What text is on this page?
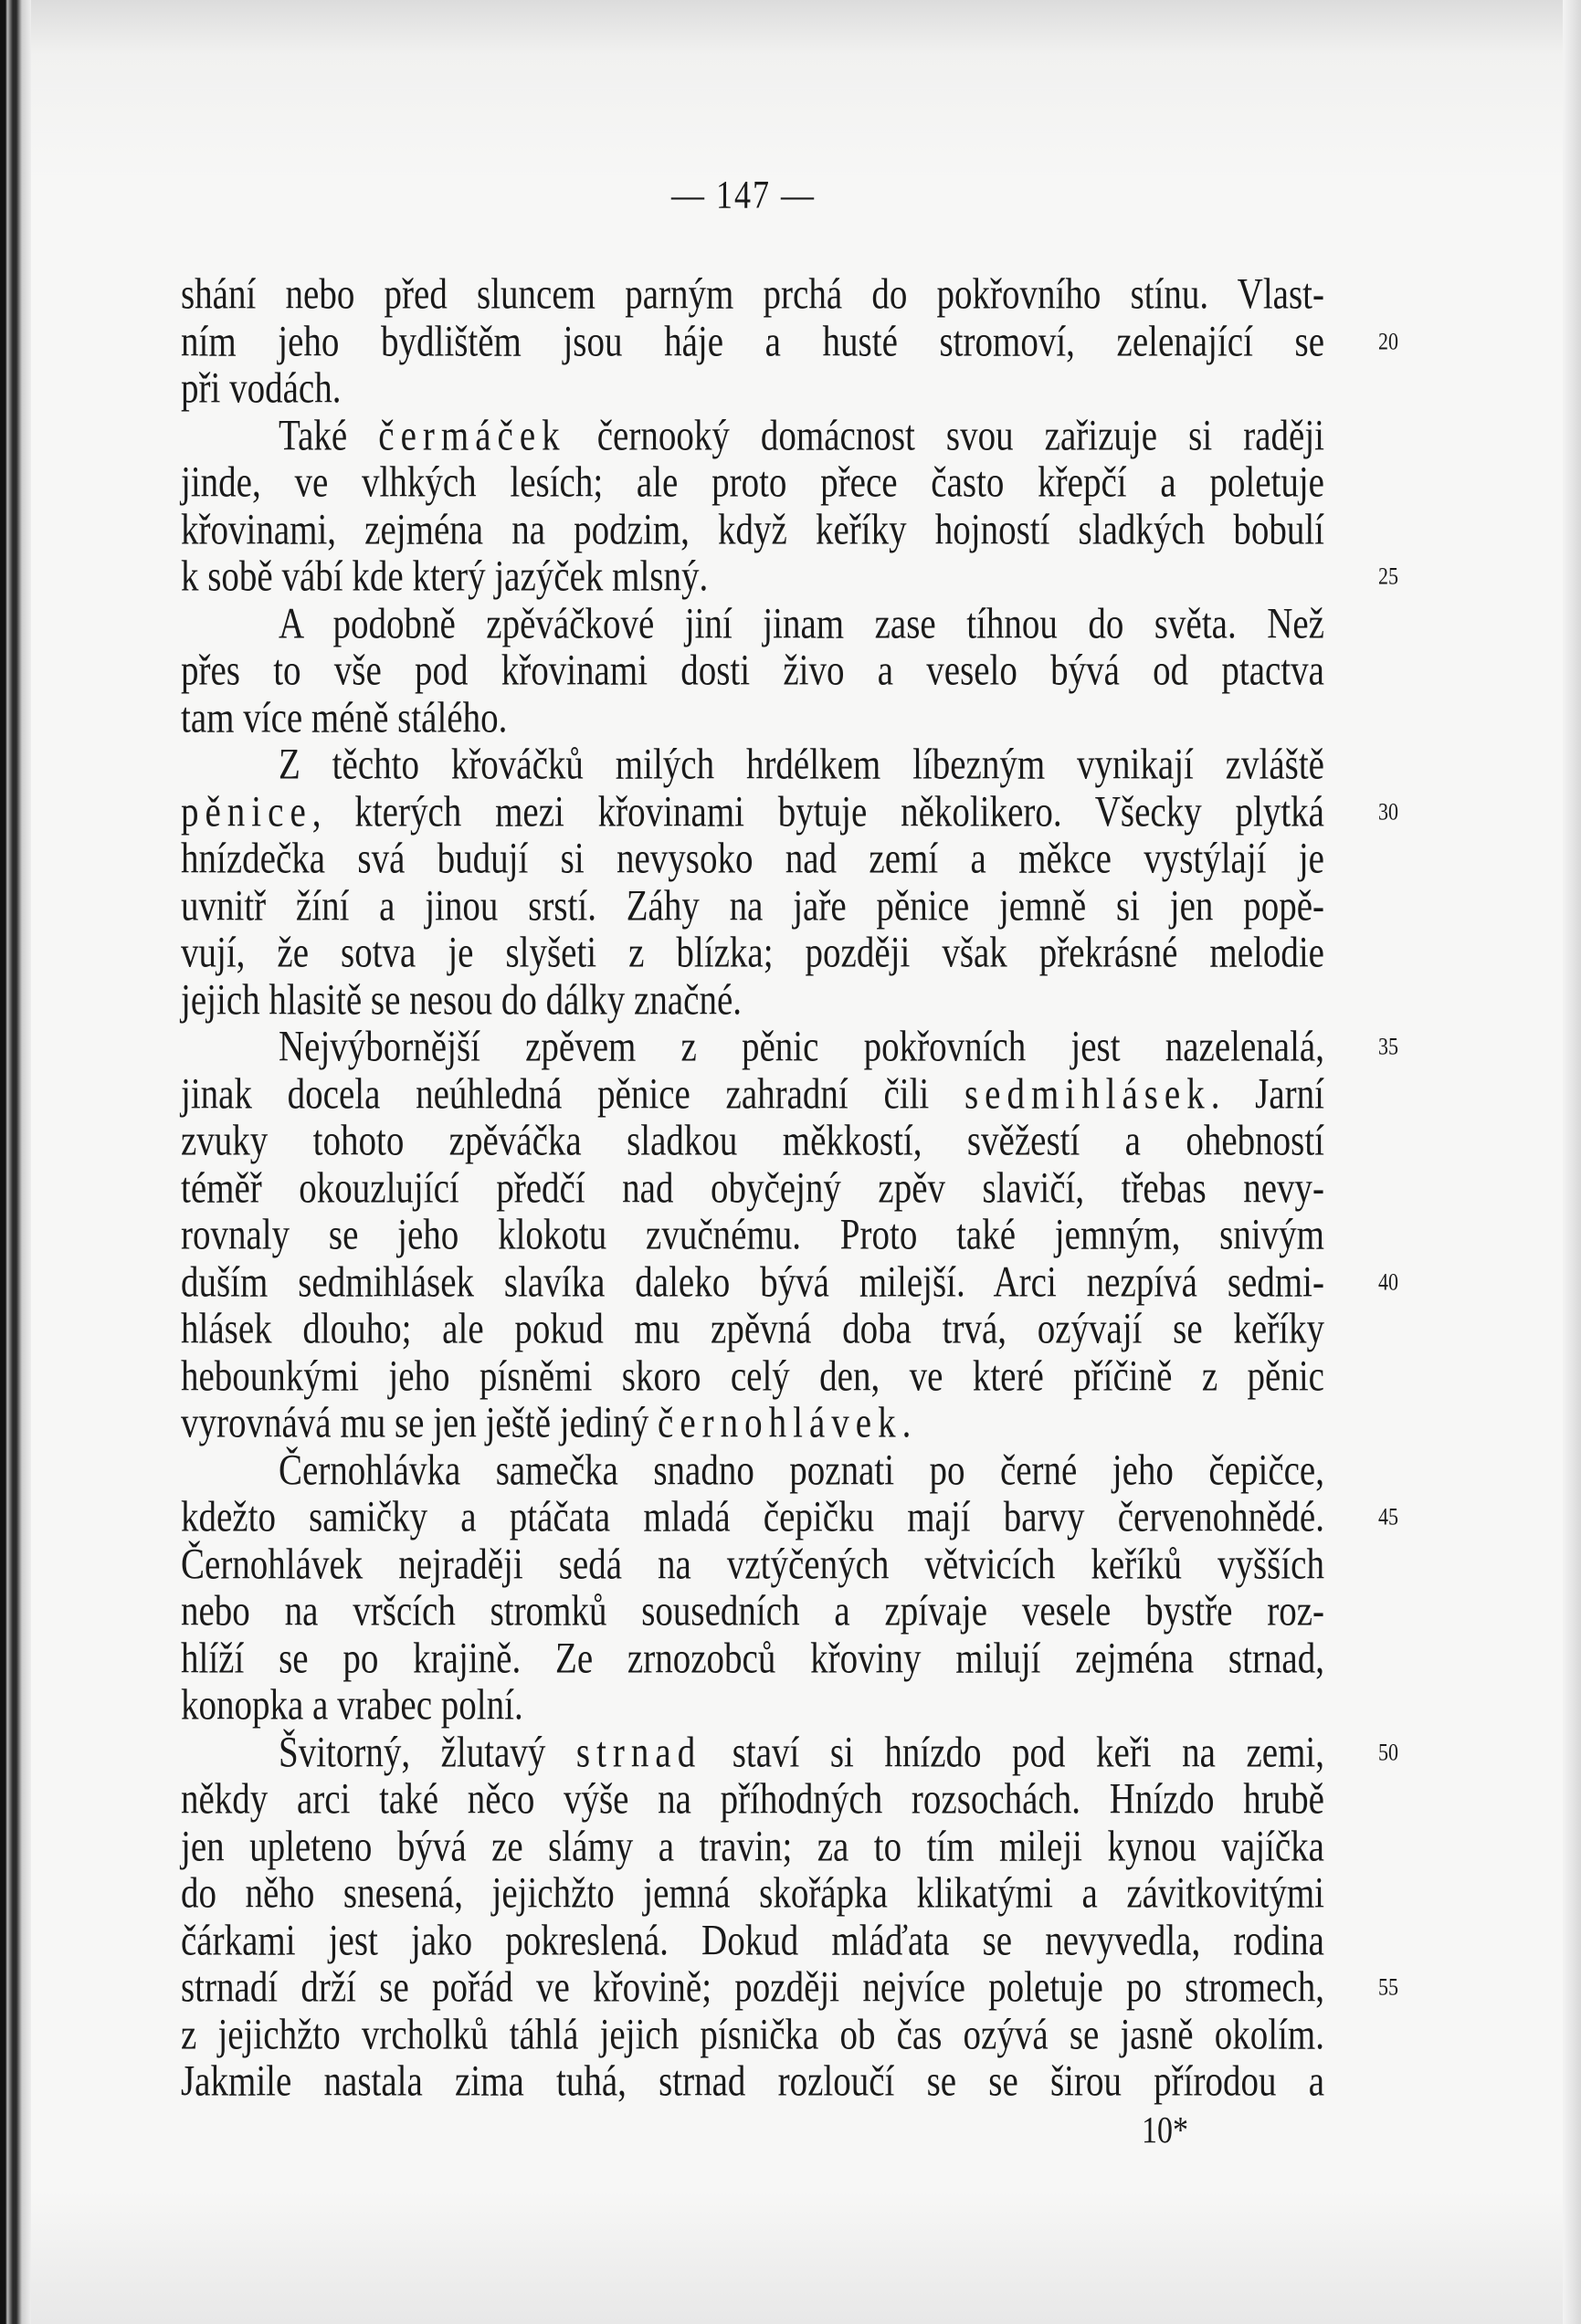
— 147 —
shání nebo před sluncem parným prchá do pokřovního stínu. Vlast-
ním jeho bydlištěm jsou háje a husté stromoví, zelenající se	20
při vodách.
Také čermáček černooký domácnost svou zařizuje si raději
jinde, ve vlhkých lesích; ale proto přece často křepčí a poletuje
křovinami, zejména na podzim, když keříky hojností sladkých bobulí
k sobě vábí kde který jazýček mlsný.	25
A podobně zpěváčkové jiní jinam zase tíhnou do světa. Než
přes to vše pod křovinami dosti živo a veselo bývá od ptactva
tam více méně stálého.
Z těchto křováčků milých hrdélkem líbezným vynikají zvláště
pěnice, kterých mezi křovinami bytuje několikero. Všecky plytká	30
hnízdečka svá budují si nevysoko nad zemí a měkce vystýlají je
uvnitř žíní a jinou srstí. Záhy na jaře pěnice jemně si jen popě-
vují, že sotva je slyšeti z blízka; později však překrásné melodie
jejich hlasitě se nesou do dálky značné.
Nejvýbornější zpěvem z pěnic pokřovních jest nazelenalá,	35
jinak docela neúhledná pěnice zahradní čili sedmihlásek. Jarní
zvuky tohoto zpěváčka sladkou měkkostí, svěžestí a ohebností
téměř okouzlující předčí nad obyčejný zpěv slavičí, třebas nevy-
rovnaly se jeho klokotu zvučnému. Proto také jemným, snivým
duším sedmihlásek slavíka daleko bývá milejší. Arci nezpívá sedmi-	40
hlásek dlouho; ale pokud mu zpěvná doba trvá, ozývají se keříky
hebounkými jeho písněmi skoro celý den, ve které příčině z pěnic
vyrovnává mu se jen ještě jediný černohlávek.
Černohlávka samečka snadno poznati po černé jeho čepičce,
kdežto samičky a ptáčata mladá čepičku mají barvy červenohnědé.	45
Černohlávek nejraději sedá na vztýčených větvicích keříků vyšších
nebo na vršcích stromků sousedních a zpívaje vesele bystře roz-
hlíží se po krajině. Ze zrnozobců křoviny milují zejména strnad,
konopka a vrabec polní.
Švitorný, žlutavý strnad staví si hnízdo pod keři na zemi,	50
někdy arci také něco výše na příhodných rozsochách. Hnízdo hrubě
jen upleteno bývá ze slámy a travin; za to tím mileji kynou vajíčka
do něho snesená, jejichžto jemná skořápka klikatými a závitkovitými
čárkami jest jako pokreslená. Dokud mláďata se nevyvedla, rodina
strnadí drží se pořád ve křovině; později nejvíce poletuje po stromech,	55
z jejichžto vrcholků táhlá jejich písnička ob čas ozývá se jasně okolím.
Jakmile nastala zima tuhá, strnad rozloučí se se širou přírodou a
10*
